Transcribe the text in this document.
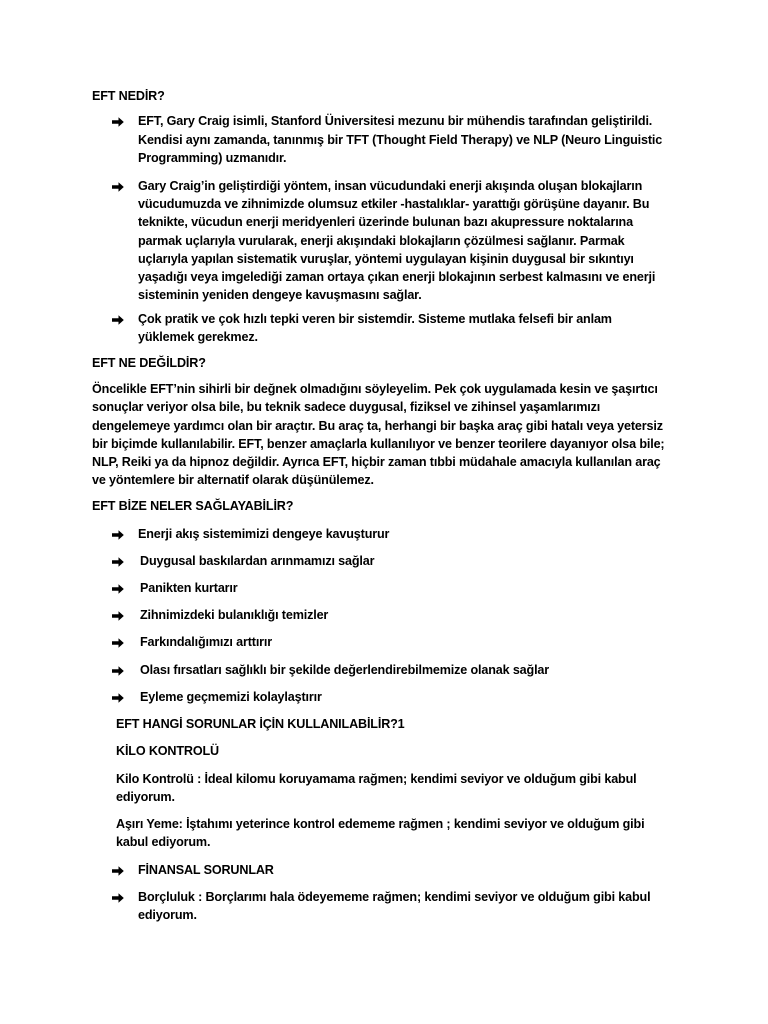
EFT NEDİR?
EFT, Gary Craig isimli, Stanford Üniversitesi mezunu bir mühendis tarafından geliştirildi.
Kendisi aynı zamanda, tanınmış bir TFT (Thought Field Therapy) ve NLP (Neuro Linguistic
Programming) uzmanıdır.
Gary Craig’in geliştirdiği yöntem, insan vücudundaki enerji akışında oluşan blokajların
vücudumuzda ve zihnimizde olumsuz etkiler -hastalıklar- yarattığı görüşüne dayanır. Bu
teknikte, vücudun enerji meridyenleri üzerinde bulunan bazı akupressure noktalarına
parmak uçlarıyla vurularak, enerji akışındaki blokajların çözülmesi sağlanır. Parmak
uçlarıyla yapılan sistematik vuruşlar, yöntemi uygulayan kişinin duygusal bir sıkıntıyı
yaşadığı veya imgelediği zaman ortaya çıkan enerji blokajının serbest kalmasını ve enerji
sisteminin yeniden dengeye kavuşmasını sağlar.
Çok pratik ve çok hızlı tepki veren bir sistemdir. Sisteme mutlaka felsefi bir anlam
yüklemek gerekmez.
EFT NE DEĞİLDİR?
Öncelikle EFT’nin sihirli bir değnek olmadığını söyleyelim. Pek çok uygulamada kesin ve şaşırtıcı
sonuçlar veriyor olsa bile, bu teknik sadece duygusal, fiziksel ve zihinsel yaşamlarımızı
dengelemeye yardımcı olan bir araçtır. Bu araç ta, herhangi bir başka araç gibi hatalı veya yetersiz
bir biçimde kullanılabilir. EFT, benzer amaçlarla kullanılıyor ve benzer teorilere dayanıyor olsa bile;
NLP, Reiki ya da hipnoz değildir. Ayrıca EFT, hiçbir zaman tıbbi müdahale amacıyla kullanılan araç
ve yöntemlere bir alternatif olarak düşünülemez.
EFT BİZE NELER SAĞLAYABİLİR?
Enerji akış sistemimizi dengeye kavuşturur
Duygusal baskılardan arınmamızı sağlar
Panikten kurtarır
Zihnimizdeki bulanıklığı temizler
Farkındalığımızı arttırır
Olası fırsatları sağlıklı bir şekilde değerlendirebilmemize olanak sağlar
Eyleme geçmemizi kolaylaştırır
EFT HANGİ SORUNLAR İÇİN KULLANILABİLİR?1
KİLO KONTROLÜ
Kilo Kontrolü : İdeal kilomu koruyamama rağmen; kendimi seviyor ve olduğum gibi kabul
ediyorum.
Aşırı Yeme: İştahımı yeterince kontrol edememe rağmen ; kendimi seviyor ve olduğum gibi
kabul ediyorum.
FİNANSAL SORUNLAR
Borçluluk : Borçlarımı hala ödeyememe rağmen; kendimi seviyor ve olduğum gibi kabul
ediyorum.
